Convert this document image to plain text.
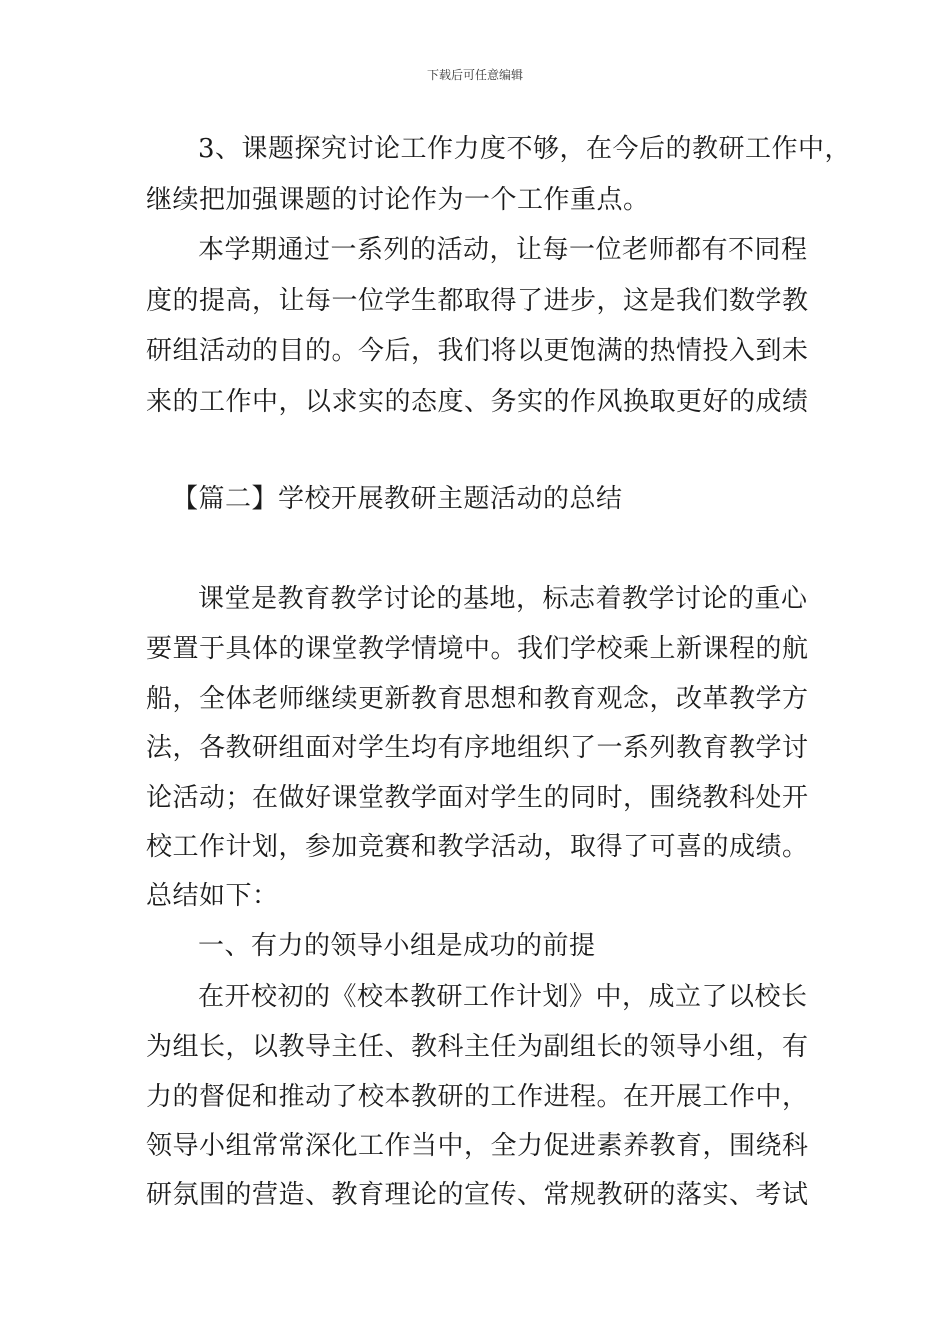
下载后可任意编辑
3、课题探究讨论工作力度不够，在今后的教研工作中，
继续把加强课题的讨论作为一个工作重点。
本学期通过一系列的活动，让每一位老师都有不同程
度的提高，让每一位学生都取得了进步，这是我们数学教
研组活动的目的。今后，我们将以更饱满的热情投入到未
来的工作中，以求实的态度、务实的作风换取更好的成绩
【篇二】学校开展教研主题活动的总结
课堂是教育教学讨论的基地，标志着教学讨论的重心
要置于具体的课堂教学情境中。我们学校乘上新课程的航
船，全体老师继续更新教育思想和教育观念，改革教学方
法，各教研组面对学生均有序地组织了一系列教育教学讨
论活动；在做好课堂教学面对学生的同时，围绕教科处开
校工作计划，参加竞赛和教学活动，取得了可喜的成绩。
总结如下：
一、有力的领导小组是成功的前提
在开校初的《校本教研工作计划》中，成立了以校长
为组长，以教导主任、教科主任为副组长的领导小组，有
力的督促和推动了校本教研的工作进程。在开展工作中，
领导小组常常深化工作当中，全力促进素养教育，围绕科
研氛围的营造、教育理论的宣传、常规教研的落实、考试
